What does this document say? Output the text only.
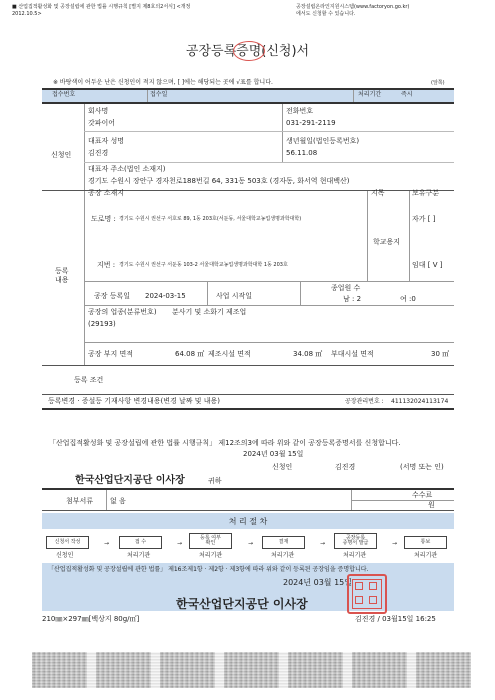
■ 산업집적활성화 및 공장설립에 관한 법률 시행규칙 [별지 제8호의2서식] <개정
2012.10.5>
공장설립온라인지원시스템(www.factoryon.go.kr)
에서도 신청할 수 있습니다.
공장등록
증명(신청)서
※ 바탕색이 어두운 난은 신청인이 적지 않으며, [ ]에는 해당되는 곳에 √표를 합니다.	(앞쪽)
접수번호	접수일	처리기간	즉시
신청인
회사명
갓파이어
전화번호
031-291-2119
대표자 성명
김진경
생년월일(법인등록번호)
56.11.08
대표자 주소(법인 소재지)
경기도 수원시 장안구 경자천로188번길 64, 331동 503호 (경자동, 화서역 현대백산)
등록
내용
공장 소재지	지목	보유구분
도로명 : 경기도 수원시 권선구 서호로 89, 1동 203호(서둔동, 서울대학교농업생명과학대학)	자가 [ ]
학교용지
지번 : 경기도 수원시 권선구 서둔동 103-2 서울대학교농업생명과학대학 1동 203호	임대 [ V ]
공장 등록일 2024-03-15	사업 시작일
종업원 수
남 : 2	여 :0
공장의 업종(분류번호) 분사기 및 소화기 제조업
(29193)
공장 부지 면적	64.08 ㎡ 제조시설 면적	34.08 ㎡ 부대시설 면적	30 ㎡
등록 조건
등록변경 · 증설등 기재사항 변경내용(변경 날짜 및 내용)	공장관리번호 : 411132024113174
「산업집적활성화 및 공장설립에 관한 법률 시행규칙」 제12조의3에 따라 위와 같이 공장등록증명서를 신청합니다.
2024년 03월 15일
신청인	김진경	(서명 또는 인)
한국산업단지공단 이사장	귀하
첨부서류 없 음
수수료
원
처 리 절 차
신청서 작성	→	접 수	→
등록 여부
확인	→	결재	→
공장등록
증명서 발급	→	통보
신청인	처리기관	처리기관	처리기관	처리기관	처리기관
「산업집적활성화 및 공장설립에 관한 법률」 제16조제1항 · 제2항 · 제3항에 따라 위와 같이 등록된 공장임을 증명합니다.
2024년 03월 15일
한국산업단지공단 이사장
210㎜×297㎜[백상지 80g/㎡]	김진경 / 03월15일 16:25
